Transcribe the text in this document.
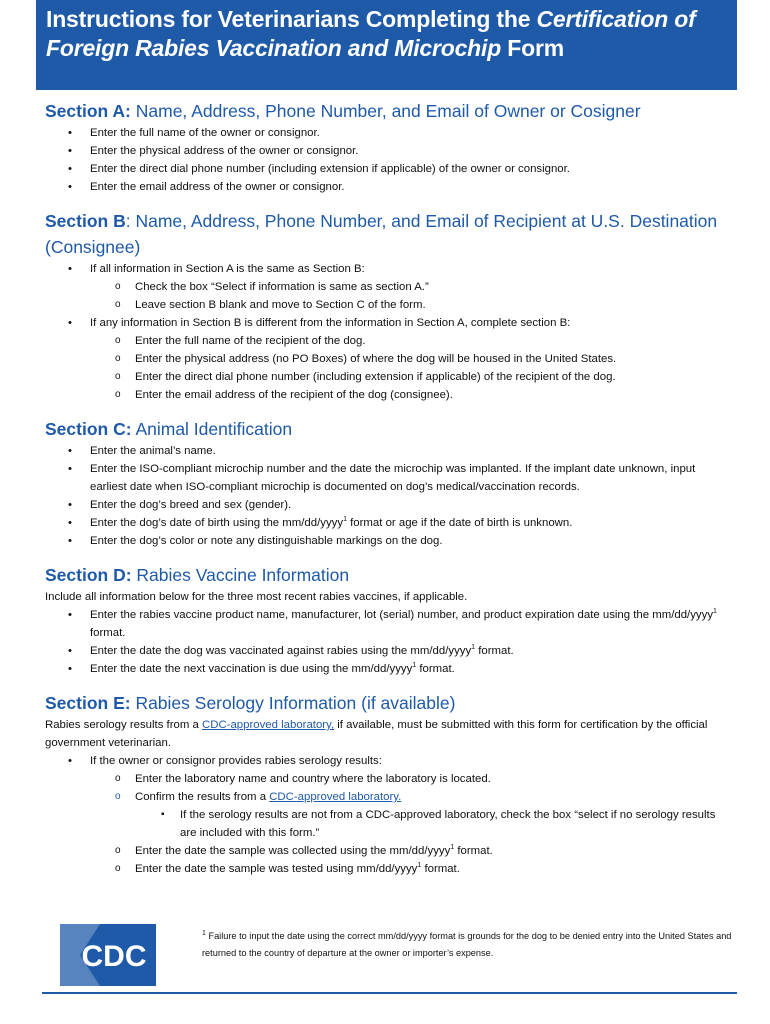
Instructions for Veterinarians Completing the Certification of Foreign Rabies Vaccination and Microchip Form
Section A: Name, Address, Phone Number, and Email of Owner or Cosigner
• Enter the full name of the owner or consignor.
• Enter the physical address of the owner or consignor.
• Enter the direct dial phone number (including extension if applicable) of the owner or consignor.
• Enter the email address of the owner or consignor.
Section B: Name, Address, Phone Number, and Email of Recipient at U.S. Destination (Consignee)
• If all information in Section A is the same as Section B:
o Check the box “Select if information is same as section A.”
o Leave section B blank and move to Section C of the form.
• If any information in Section B is different from the information in Section A, complete section B:
o Enter the full name of the recipient of the dog.
o Enter the physical address (no PO Boxes) of where the dog will be housed in the United States.
o Enter the direct dial phone number (including extension if applicable) of the recipient of the dog.
o Enter the email address of the recipient of the dog (consignee).
Section C: Animal Identification
• Enter the animal’s name.
• Enter the ISO-compliant microchip number and the date the microchip was implanted. If the implant date unknown, input earliest date when ISO-compliant microchip is documented on dog’s medical/vaccination records.
• Enter the dog’s breed and sex (gender).
• Enter the dog’s date of birth using the mm/dd/yyyy$^1$ format or age if the date of birth is unknown.
• Enter the dog’s color or note any distinguishable markings on the dog.
Section D: Rabies Vaccine Information

Include all information below for the three most recent rabies vaccines, if applicable.

• Enter the rabies vaccine product name, manufacturer, lot (serial) number, and product expiration date using the mm/dd/yyyy$^1$ format.
• Enter the date the dog was vaccinated against rabies using the mm/dd/yyyy$^1$ format.
• Enter the date the next vaccination is due using the mm/dd/yyyy$^1$ format.
Section E: Rabies Serology Information (if available)

Rabies serology results from a CDC-approved laboratory, if available, must be submitted with this form for certification by the official government veterinarian.

• If the owner or consignor provides rabies serology results:
o Enter the laboratory name and country where the laboratory is located.
o Confirm the results from a CDC-approved laboratory.
▪ If the serology results are not from a CDC-approved laboratory, check the box “select if no serology results are included with this form.”
o Enter the date the sample was collected using the mm/dd/yyyy$^1$ format.
o Enter the date the sample was tested using mm/dd/yyyy$^1$ format.
CDC
$^1$ Failure to input the date using the correct mm/dd/yyyy format is grounds for the dog to be denied entry into the United States and returned to the country of departure at the owner or importer’s expense.
